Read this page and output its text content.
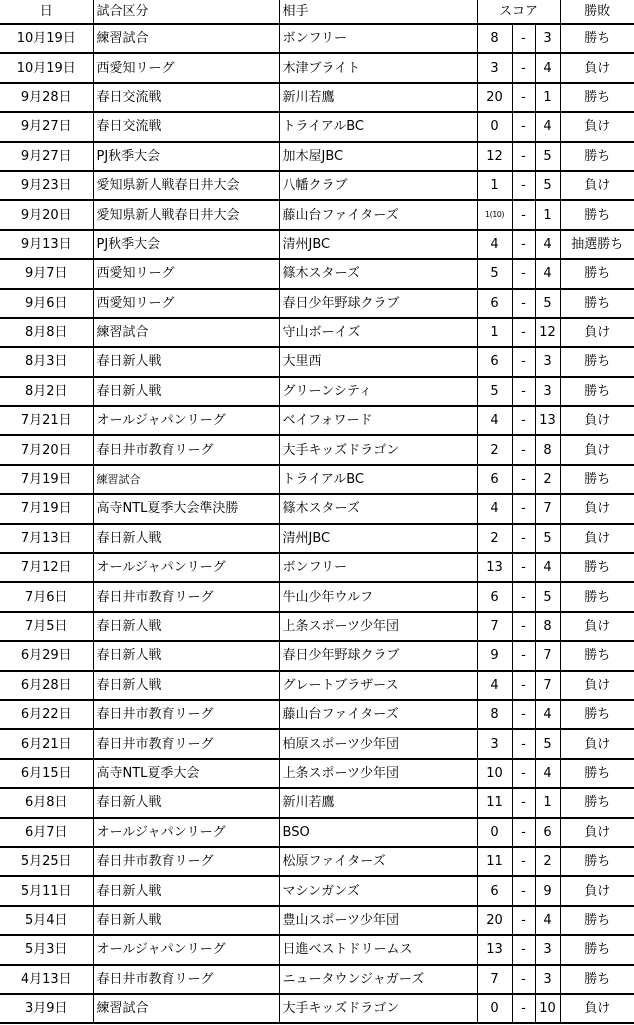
日	試合区分	相手	スコア			勝敗
10月19日	練習試合	ボンフリー	8	-	3	勝ち
10月19日	西愛知リーグ	木津ブライト	3	-	4	負け
9月28日	春日交流戦	新川若鷹	20	-	1	勝ち
9月27日	春日交流戦	トライアルBC	0	-	4	負け
9月27日	PJ秋季大会	加木屋JBC	12	-	5	勝ち
9月23日	愛知県新人戦春日井大会	八幡クラブ	1	-	5	負け
9月20日	愛知県新人戦春日井大会	藤山台ファイターズ	1(10)	-	1	勝ち
9月13日	PJ秋季大会	清州JBC	4	-	4	抽選勝ち
9月7日	西愛知リーグ	篠木スターズ	5	-	4	勝ち
9月6日	西愛知リーグ	春日少年野球クラブ	6	-	5	勝ち
8月8日	練習試合	守山ボーイズ	1	-	12	負け
8月3日	春日新人戦	大里西	6	-	3	勝ち
8月2日	春日新人戦	グリーンシティ	5	-	3	勝ち
7月21日	オールジャパンリーグ	ベイフォワード	4	-	13	負け
7月20日	春日井市教育リーグ	大手キッズドラゴン	2	-	8	負け
7月19日	練習試合	トライアルBC	6	-	2	勝ち
7月19日	高寺NTL夏季大会準決勝	篠木スターズ	4	-	7	負け
7月13日	春日新人戦	清州JBC	2	-	5	負け
7月12日	オールジャパンリーグ	ボンフリー	13	-	4	勝ち
7月6日	春日井市教育リーグ	牛山少年ウルフ	6	-	5	勝ち
7月5日	春日新人戦	上条スポーツ少年団	7	-	8	負け
6月29日	春日新人戦	春日少年野球クラブ	9	-	7	勝ち
6月28日	春日新人戦	グレートブラザース	4	-	7	負け
6月22日	春日井市教育リーグ	藤山台ファイターズ	8	-	4	勝ち
6月21日	春日井市教育リーグ	柏原スポーツ少年団	3	-	5	負け
6月15日	高寺NTL夏季大会	上条スポーツ少年団	10	-	4	勝ち
6月8日	春日新人戦	新川若鷹	11	-	1	勝ち
6月7日	オールジャパンリーグ	BSO	0	-	6	負け
5月25日	春日井市教育リーグ	松原ファイターズ	11	-	2	勝ち
5月11日	春日新人戦	マシンガンズ	6	-	9	負け
5月4日	春日新人戦	豊山スポーツ少年団	20	-	4	勝ち
5月3日	オールジャパンリーグ	日進ベストドリームス	13	-	3	勝ち
4月13日	春日井市教育リーグ	ニュータウンジャガーズ	7	-	3	勝ち
3月9日	練習試合	大手キッズドラゴン	0	-	10	負け
